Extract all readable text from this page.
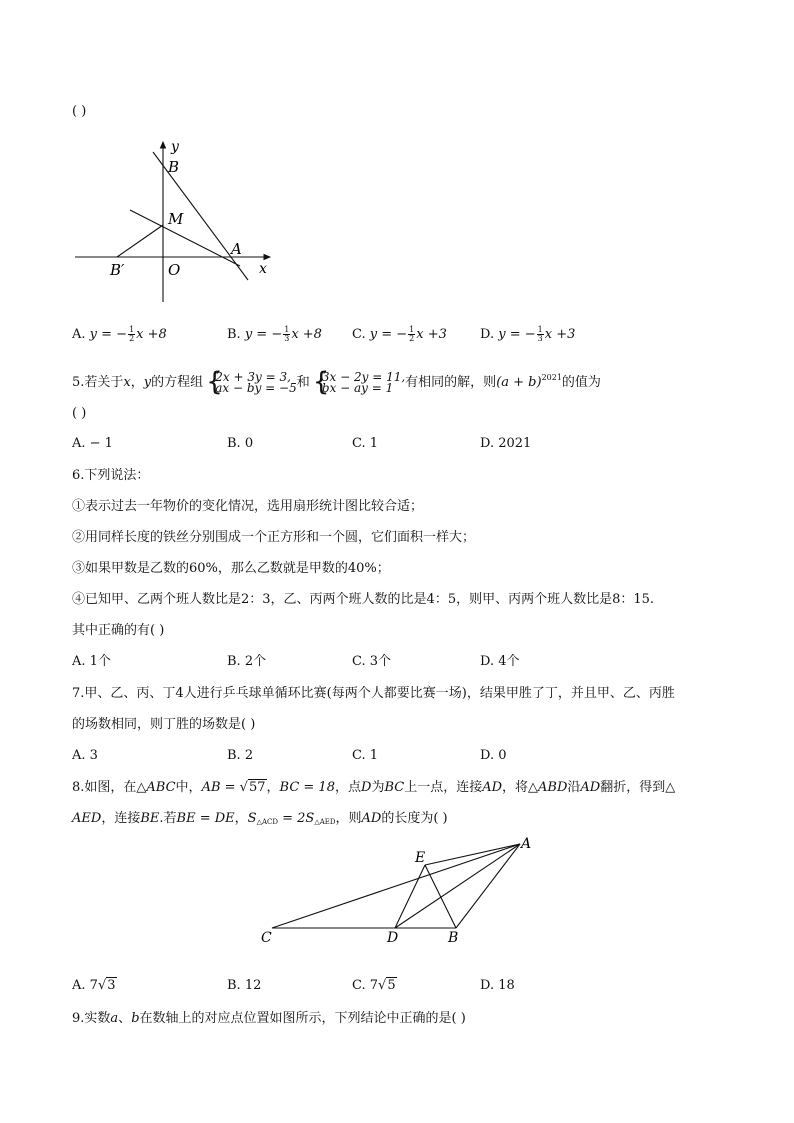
( )
y
B
M
A
B′	O	x
A. y = − $\frac{1}{2}$ x +8	B. y = − $\frac{1}{3}$ x +8 C. y = − $\frac{1}{2}$ x +3	D. y = − $\frac{1}{3}$ x +3
5.若关于x，y的方程组 { 2x + 3y = 3,
ax − by = −5 和 { 3x − 2y = 11,
bx − ay = 1 有相同的解，则$(a + b)^{2021}$的值为
( )
A. − 1	B. 0	C. 1	D. 2021
6.下列说法：
①表示过去一年物价的变化情况，选用扇形统计图比较合适；
②用同样长度的铁丝分别围成一个正方形和一个圆，它们面积一样大；
③如果甲数是乙数的60%，那么乙数就是甲数的40%；
④已知甲、乙两个班人数比是2：3，乙、丙两个班人数的比是4：5，则甲、丙两个班人数比是8：15.
其中正确的有( )
A. 1个	B. 2个	C. 3个	D. 4个
7.甲、乙、丙、丁4人进行乒乓球单循环比赛(每两个人都要比赛一场)，结果甲胜了丁，并且甲、乙、丙胜
的场数相同，则丁胜的场数是( )
A. 3	B. 2	C. 1	D. 0
8.如图，在△ABC中，AB = √57，BC = 18，点D为BC上一点，连接AD，将△ABD沿AD翻折，得到△
AED，连接BE.若BE = DE，$S_{\triangle ACD} = 2S_{\triangle AED}$，则AD的长度为( )
E
A
C	D	B
A. 7√3	B. 12	C. 7√5	D. 18
9.实数a、b在数轴上的对应点位置如图所示，下列结论中正确的是( )
